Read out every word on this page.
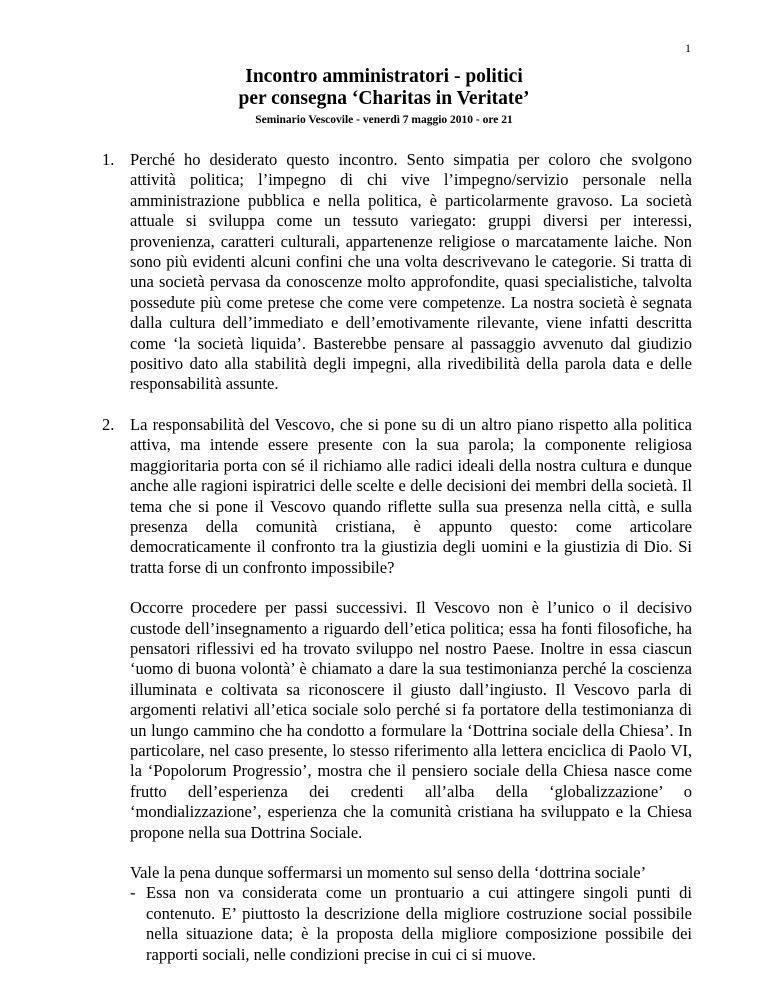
1

Incontro amministratori - politici

per consegna ‘Charitas in Veritate’

Seminario Vescovile - venerdì 7 maggio 2010 - ore 21
1. Perché ho desiderato questo incontro. Sento simpatia per coloro che svolgono attività politica; l’impegno di chi vive l’impegno/servizio personale nella amministrazione pubblica e nella politica, è particolarmente gravoso. La società attuale si sviluppa come un tessuto variegato: gruppi diversi per interessi, provenienza, caratteri culturali, appartenenze religiose o marcatamente laiche. Non sono più evidenti alcuni confini che una volta descrivevano le categorie. Si tratta di una società pervasa da conoscenze molto approfondite, quasi specialistiche, talvolta possedute più come pretese che come vere competenze. La nostra società è segnata dalla cultura dell’immediato e dell’emotivamente rilevante, viene infatti descritta come ‘la società liquida’. Basterebbe pensare al passaggio avvenuto dal giudizio positivo dato alla stabilità degli impegni, alla rivedibilità della parola data e delle responsabilità assunte.
2. La responsabilità del Vescovo, che si pone su di un altro piano rispetto alla politica attiva, ma intende essere presente con la sua parola; la componente religiosa maggioritaria porta con sé il richiamo alle radici ideali della nostra cultura e dunque anche alle ragioni ispiratrici delle scelte e delle decisioni dei membri della società. Il tema che si pone il Vescovo quando riflette sulla sua presenza nella città, e sulla presenza della comunità cristiana, è appunto questo: come articolare democraticamente il confronto tra la giustizia degli uomini e la giustizia di Dio. Si tratta forse di un confronto impossibile?
Occorre procedere per passi successivi. Il Vescovo non è l’unico o il decisivo custode dell’insegnamento a riguardo dell’etica politica; essa ha fonti filosofiche, ha pensatori riflessivi ed ha trovato sviluppo nel nostro Paese. Inoltre in essa ciascun ‘uomo di buona volontà’ è chiamato a dare la sua testimonianza perché la coscienza illuminata e coltivata sa riconoscere il giusto dall’ingiusto. Il Vescovo parla di argomenti relativi all’etica sociale solo perché si fa portatore della testimonianza di un lungo cammino che ha condotto a formulare la ‘Dottrina sociale della Chiesa’. In particolare, nel caso presente, lo stesso riferimento alla lettera enciclica di Paolo VI, la ‘Popolorum Progressio’, mostra che il pensiero sociale della Chiesa nasce come frutto dell’esperienza dei credenti all’alba della ‘globalizzazione’ o ‘mondializzazione’, esperienza che la comunità cristiana ha sviluppato e la Chiesa propone nella sua Dottrina Sociale.
Vale la pena dunque soffermarsi un momento sul senso della ‘dottrina sociale’
- Essa non va considerata come un prontuario a cui attingere singoli punti di contenuto. E’ piuttosto la descrizione della migliore costruzione social possibile nella situazione data; è la proposta della migliore composizione possibile dei rapporti sociali, nelle condizioni precise in cui ci si muove.
